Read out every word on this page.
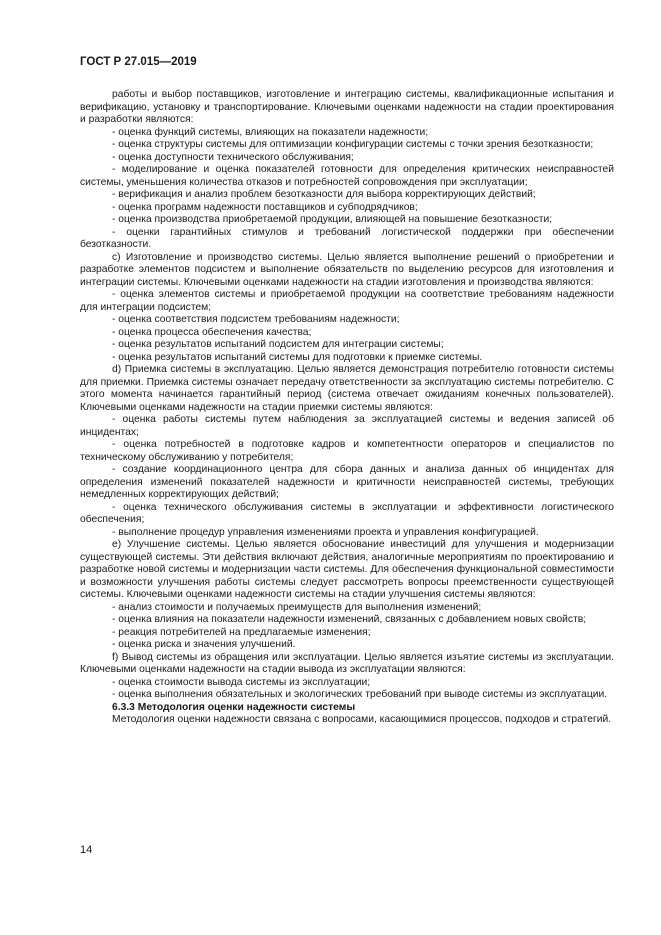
ГОСТ Р 27.015—2019

работы и выбор поставщиков, изготовление и интеграцию системы, квалификационные испытания и верификацию, установку и транспортирование. Ключевыми оценками надежности на стадии проектирования и разработки являются:

- оценка функций системы, влияющих на показатели надежности;

- оценка структуры системы для оптимизации конфигурации системы с точки зрения безотказности;

- оценка доступности технического обслуживания;

- моделирование и оценка показателей готовности для определения критических неисправностей системы, уменьшения количества отказов и потребностей сопровождения при эксплуатации;

- верификация и анализ проблем безотказности для выбора корректирующих действий;

- оценка программ надежности поставщиков и субподрядчиков;

- оценка производства приобретаемой продукции, влияющей на повышение безотказности;

- оценки гарантийных стимулов и требований логистической поддержки при обеспечении безотказности.

c) Изготовление и производство системы. Целью является выполнение решений о приобретении и разработке элементов подсистем и выполнение обязательств по выделению ресурсов для изготовления и интеграции системы. Ключевыми оценками надежности на стадии изготовления и производства являются:

- оценка элементов системы и приобретаемой продукции на соответствие требованиям надежности для интеграции подсистем;

- оценка соответствия подсистем требованиям надежности;

- оценка процесса обеспечения качества;

- оценка результатов испытаний подсистем для интеграции системы;

- оценка результатов испытаний системы для подготовки к приемке системы.

d) Приемка системы в эксплуатацию. Целью является демонстрация потребителю готовности системы для приемки. Приемка системы означает передачу ответственности за эксплуатацию системы потребителю. С этого момента начинается гарантийный период (система отвечает ожиданиям конечных пользователей). Ключевыми оценками надежности на стадии приемки системы являются:

- оценка работы системы путем наблюдения за эксплуатацией системы и ведения записей об инцидентах;

- оценка потребностей в подготовке кадров и компетентности операторов и специалистов по техническому обслуживанию у потребителя;

- создание координационного центра для сбора данных и анализа данных об инцидентах для определения изменений показателей надежности и критичности неисправностей системы, требующих немедленных корректирующих действий;

- оценка технического обслуживания системы в эксплуатации и эффективности логистического обеспечения;

- выполнение процедур управления изменениями проекта и управления конфигурацией.

e) Улучшение системы. Целью является обоснование инвестиций для улучшения и модернизации существующей системы. Эти действия включают действия, аналогичные мероприятиям по проектированию и разработке новой системы и модернизации части системы. Для обеспечения функциональной совместимости и возможности улучшения работы системы следует рассмотреть вопросы преемственности существующей системы. Ключевыми оценками надежности системы на стадии улучшения системы являются:

- анализ стоимости и получаемых преимуществ для выполнения изменений;

- оценка влияния на показатели надежности изменений, связанных с добавлением новых свойств;

- реакция потребителей на предлагаемые изменения;

- оценка риска и значения улучшений.

f) Вывод системы из обращения или эксплуатации. Целью является изъятие системы из эксплуатации. Ключевыми оценками надежности на стадии вывода из эксплуатации являются:

- оценка стоимости вывода системы из эксплуатации;

- оценка выполнения обязательных и экологических требований при выводе системы из эксплуатации.

6.3.3 Методология оценки надежности системы

Методология оценки надежности связана с вопросами, касающимися процессов, подходов и стратегий.

14
